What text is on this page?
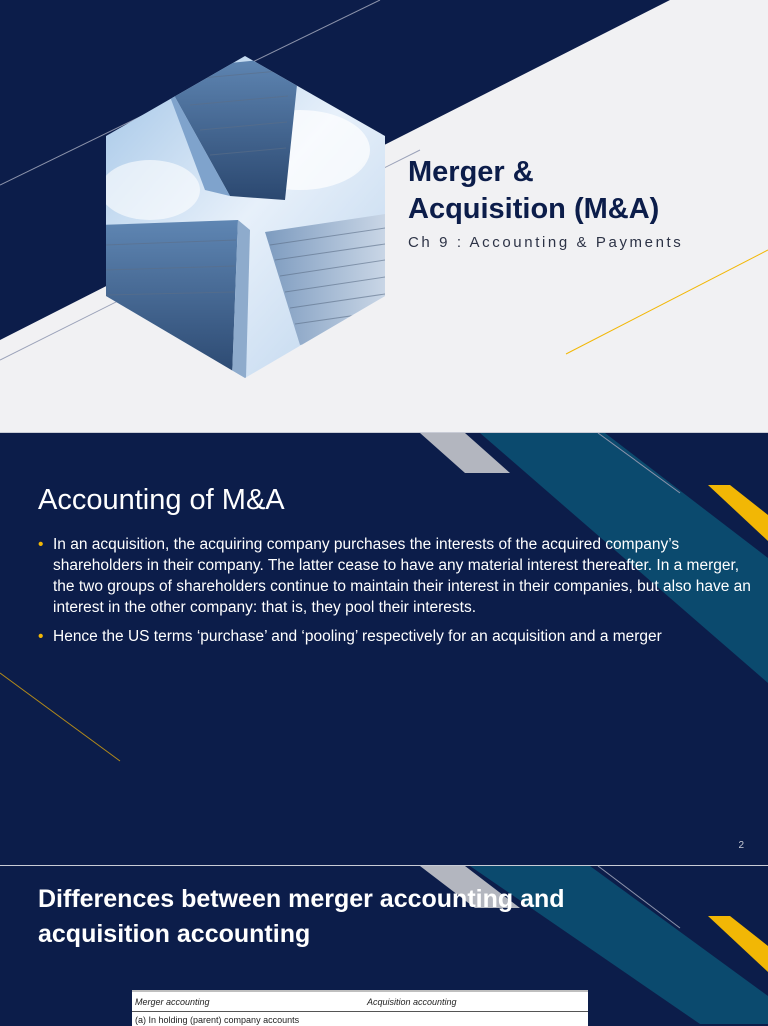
Merger &
Acquisition (M&A)
Ch 9 : Accounting & Payments
Accounting of M&A
• In an acquisition, the acquiring company purchases the interests of the acquired company’s shareholders in their company. The latter cease to have any material interest thereafter. In a merger, the two groups of shareholders continue to maintain their interest in their companies, but also have an interest in the other company: that is, they pool their interests.
• Hence the US terms ‘purchase’ and ‘pooling’ respectively for an acquisition and a merger
2
Differences between merger accounting and
acquisition accounting
Merger accounting	Acquisition accounting
(a) In holding (parent) company accounts
